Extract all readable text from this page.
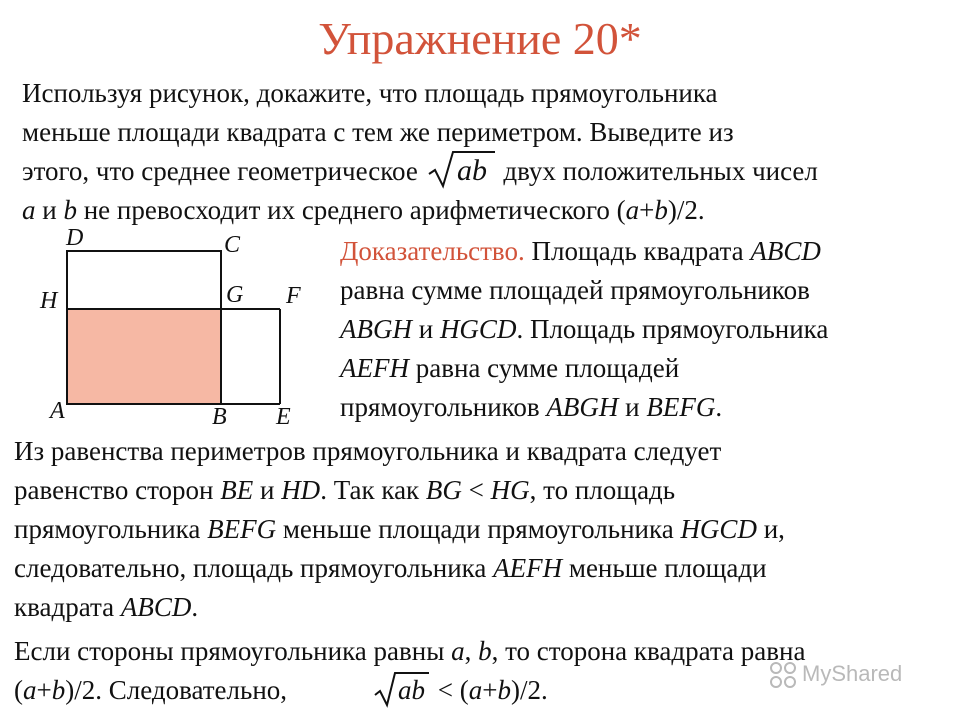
Упражнение 20*
Используя рисунок, докажите, что площадь прямоугольника
меньше площади квадрата с тем же периметром. Выведите из
этого, что среднее геометрическое ab двух положительных чисел
a и b не превосходит их среднего арифметического (a+b)/2.
D	C
H	G F
A	B E
Доказательство. Площадь квадрата ABCD
равна сумме площадей прямоугольников
ABGH и HGCD. Площадь прямоугольника
AEFH равна сумме площадей
прямоугольников ABGH и BEFG.
Из равенства периметров прямоугольника и квадрата следует
равенство сторон BE и HD. Так как BG < HG, то площадь
прямоугольника BEFG меньше площади прямоугольника HGCD и,
следовательно, площадь прямоугольника AEFH меньше площади
квадрата ABCD.
Если стороны прямоугольника равны a, b, то сторона квадрата равна
(a+b)/2. Следовательно,	ab < (a+b)/2.
MyShared
